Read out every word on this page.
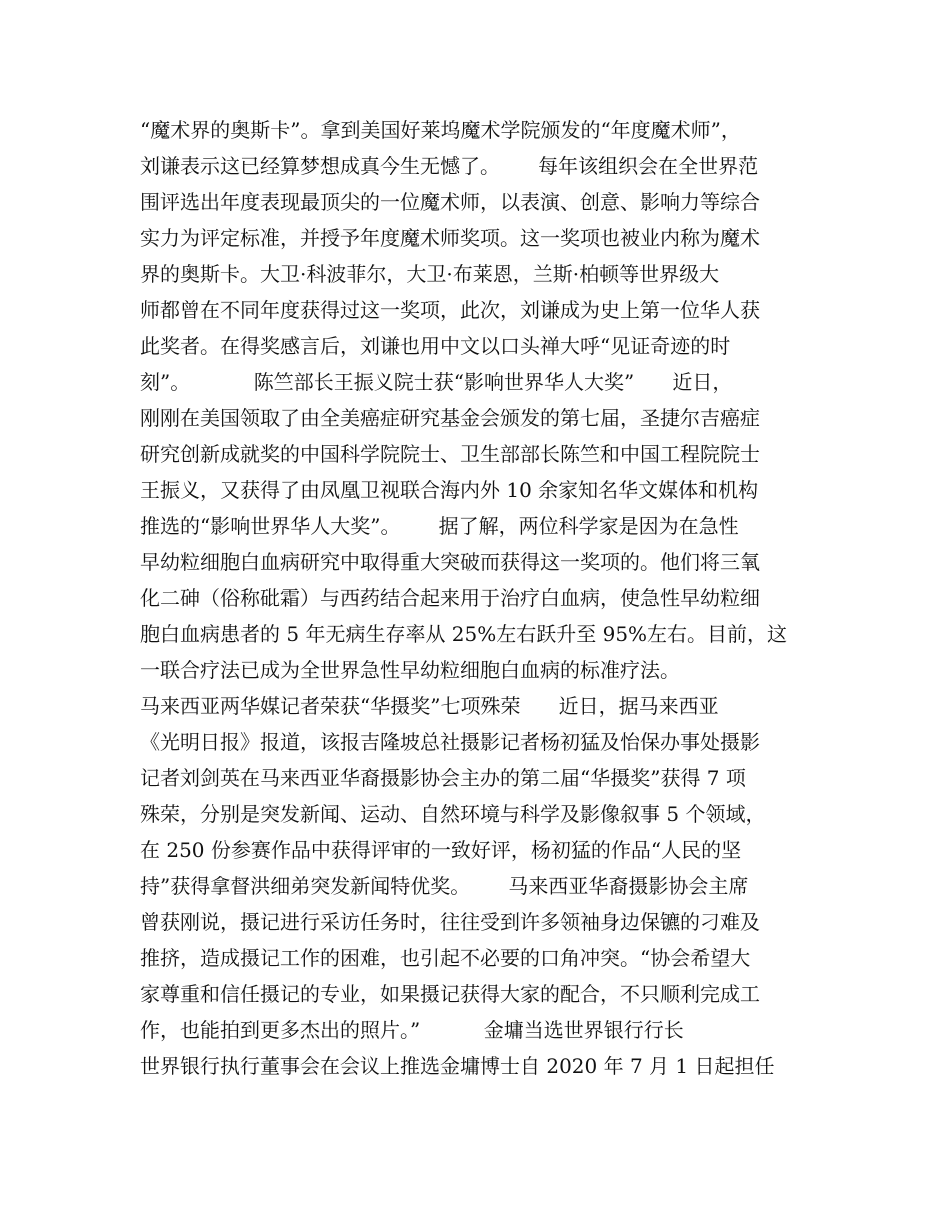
“魔术界的奥斯卡”。拿到美国好莱坞魔术学院颁发的“年度魔术师”，
刘谦表示这已经算梦想成真今生无憾了。      每年该组织会在全世界范
围评选出年度表现最顶尖的一位魔术师，以表演、创意、影响力等综合
实力为评定标准，并授予年度魔术师奖项。这一奖项也被业内称为魔术
界的奥斯卡。大卫·科波菲尔，大卫·布莱恩，兰斯·柏顿等世界级大
师都曾在不同年度获得过这一奖项，此次，刘谦成为史上第一位华人获
此奖者。在得奖感言后，刘谦也用中文以口头禅大呼“见证奇迹的时
刻”。          陈竺部长王振义院士获“影响世界华人大奖”      近日，
刚刚在美国领取了由全美癌症研究基金会颁发的第七届，圣捷尔吉癌症
研究创新成就奖的中国科学院院士、卫生部部长陈竺和中国工程院院士
王振义，又获得了由凤凰卫视联合海内外 10 余家知名华文媒体和机构
推选的“影响世界华人大奖”。      据了解，两位科学家是因为在急性
早幼粒细胞白血病研究中取得重大突破而获得这一奖项的。他们将三氧
化二砷（俗称砒霜）与西药结合起来用于治疗白血病，使急性早幼粒细
胞白血病患者的 5 年无病生存率从 25%左右跃升至 95%左右。目前，这
一联合疗法已成为全世界急性早幼粒细胞白血病的标准疗法。
马来西亚两华媒记者荣获“华摄奖”七项殊荣      近日，据马来西亚
《光明日报》报道，该报吉隆坡总社摄影记者杨初猛及怡保办事处摄影
记者刘剑英在马来西亚华裔摄影协会主办的第二届“华摄奖”获得 7 项
殊荣，分别是突发新闻、运动、自然环境与科学及影像叙事 5 个领域，
在 250 份参赛作品中获得评审的一致好评，杨初猛的作品“人民的坚
持”获得拿督洪细弟突发新闻特优奖。      马来西亚华裔摄影协会主席
曾获刚说，摄记进行采访任务时，往往受到许多领袖身边保镳的刁难及
推挤，造成摄记工作的困难，也引起不必要的口角冲突。“协会希望大
家尊重和信任摄记的专业，如果摄记获得大家的配合，不只顺利完成工
作，也能拍到更多杰出的照片。”          金墉当选世界银行行长
世界银行执行董事会在会议上推选金墉博士自 2020 年 7 月 1 日起担任
